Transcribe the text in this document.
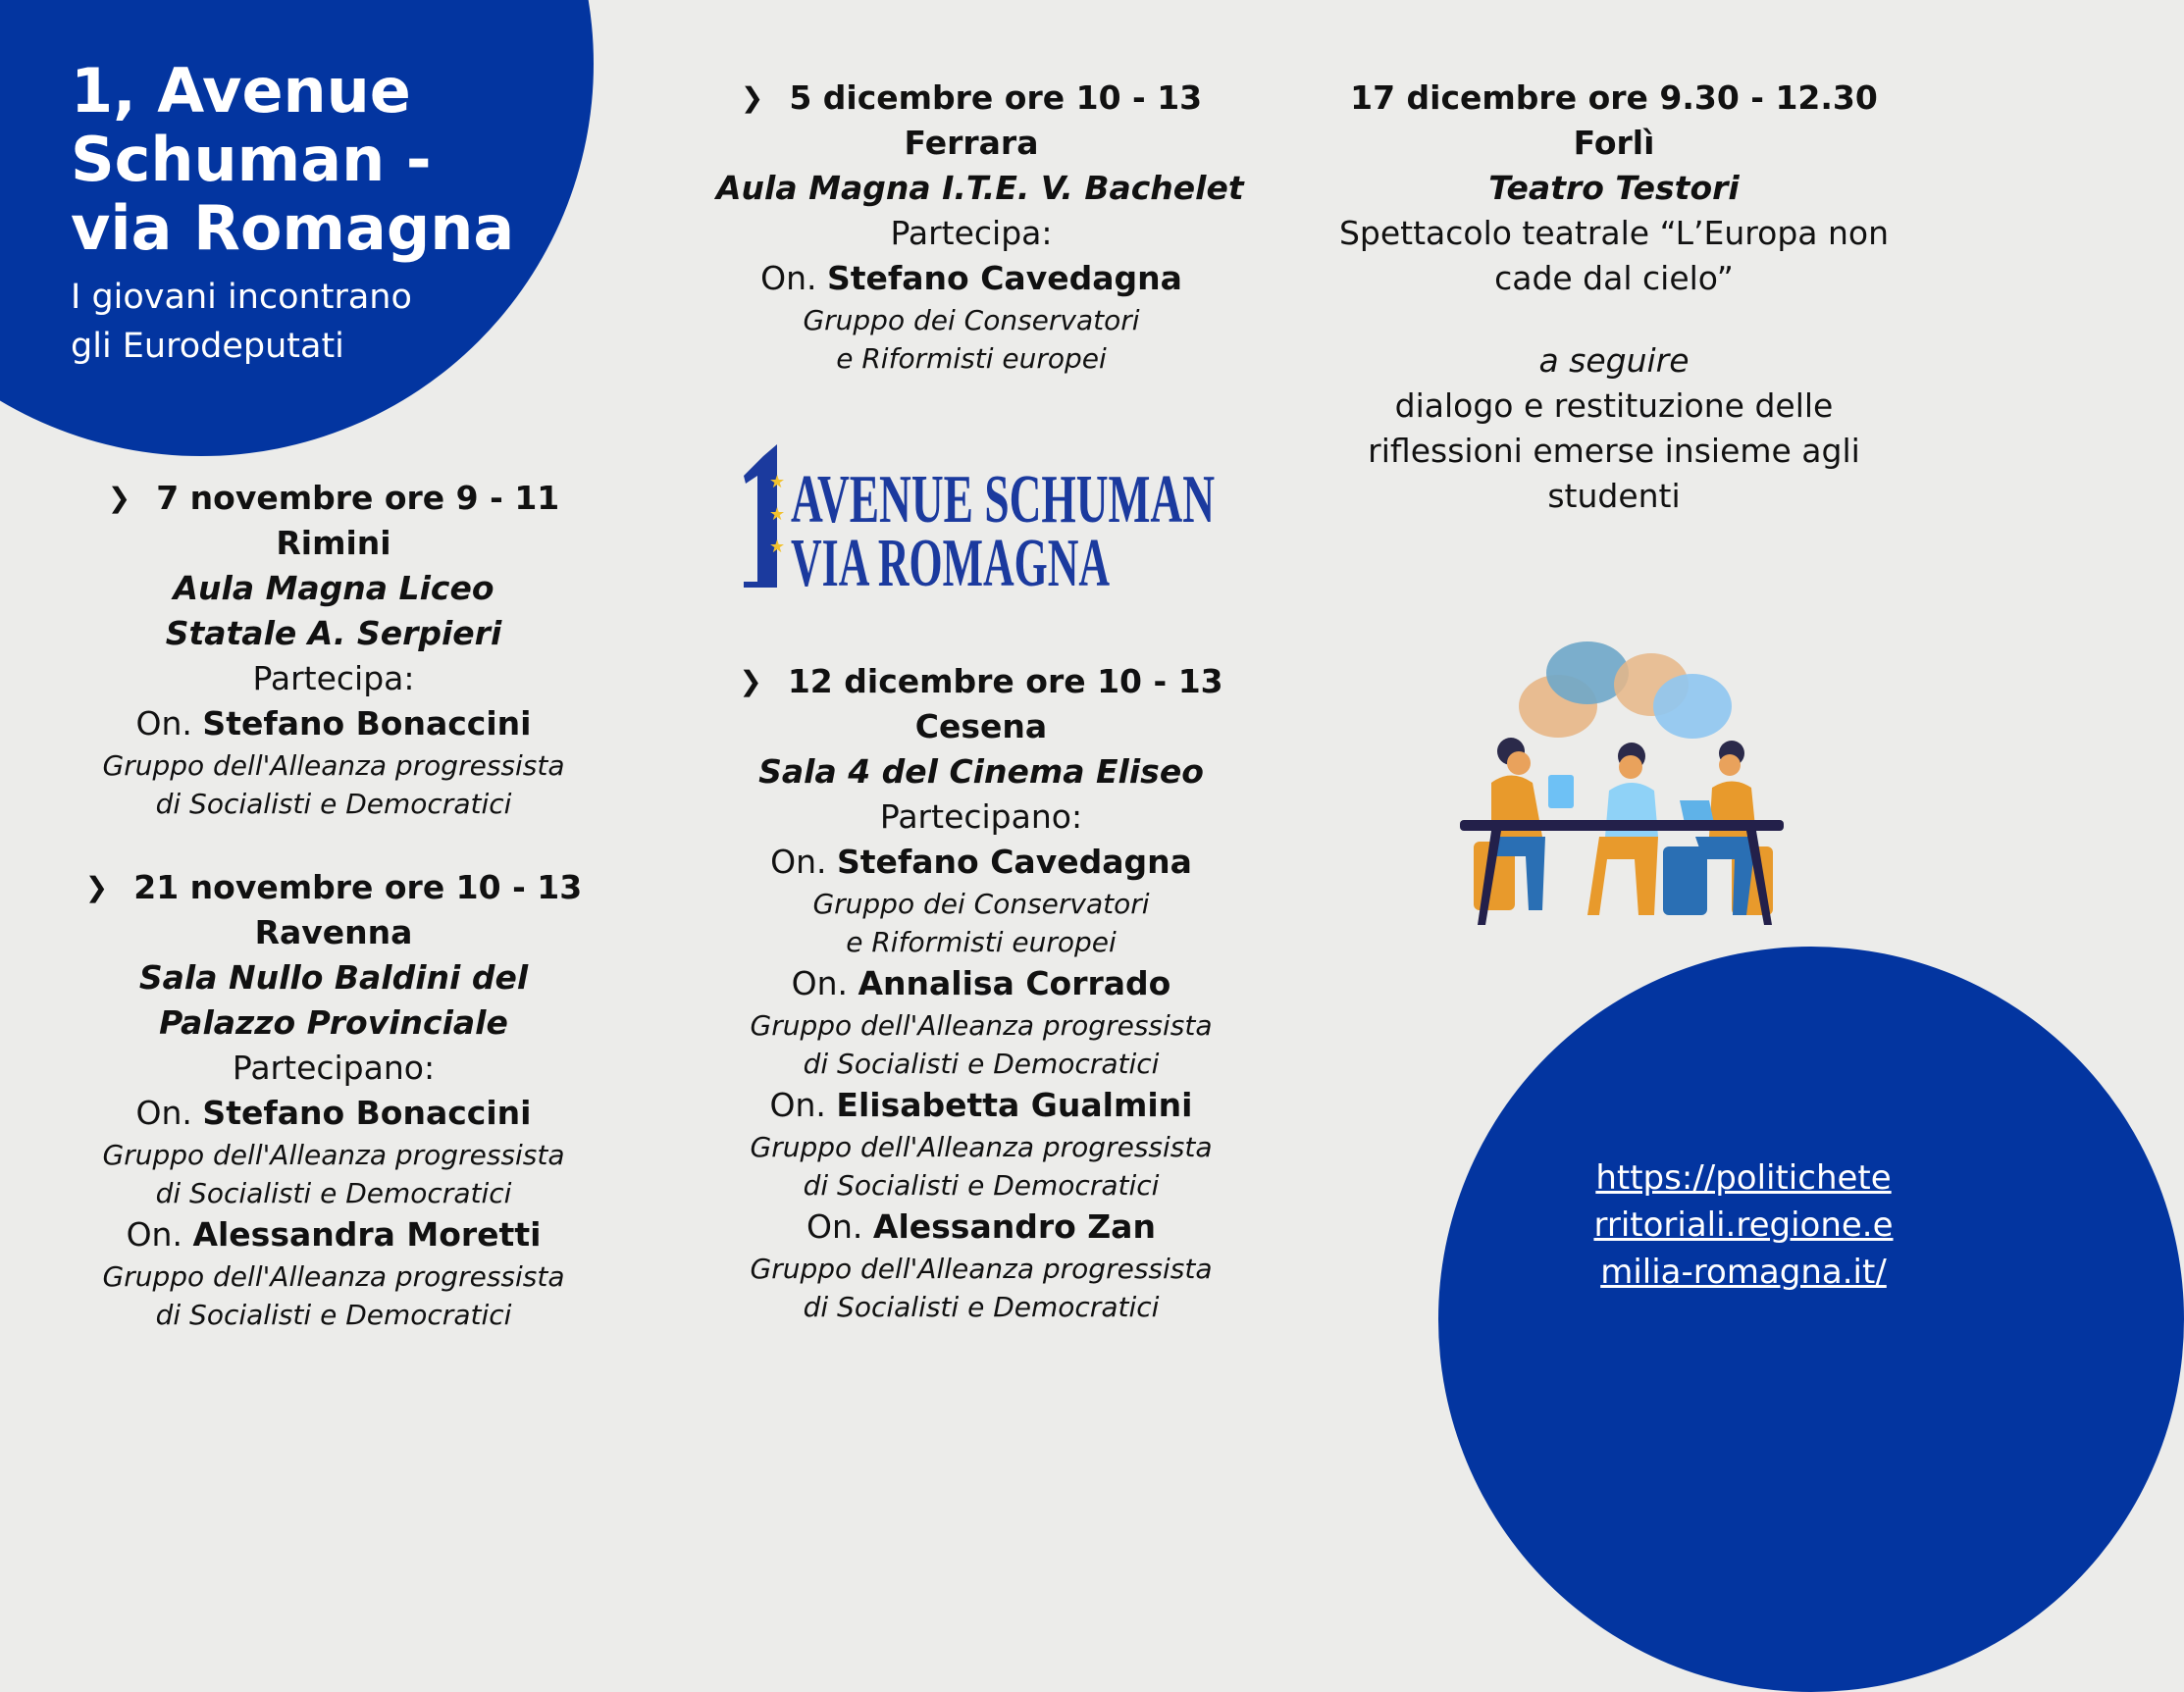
1, Avenue
Schuman -
via Romagna
I giovani incontrano
gli Eurodeputati
❯ 7 novembre ore 9 - 11
Rimini
Aula Magna Liceo
Statale A. Serpieri
Partecipa:
On. Stefano Bonaccini
Gruppo dell'Alleanza progressista
di Socialisti e Democratici
❯ 21 novembre ore 10 - 13
Ravenna
Sala Nullo Baldini del
Palazzo Provinciale
Partecipano:
On. Stefano Bonaccini
Gruppo dell'Alleanza progressista
di Socialisti e Democratici
On. Alessandra Moretti
Gruppo dell'Alleanza progressista
di Socialisti e Democratici
❯ 5 dicembre ore 10 - 13
Ferrara
Aula Magna I.T.E. V. Bachelet
Partecipa:
On. Stefano Cavedagna
Gruppo dei Conservatori
e Riformisti europei
★
★
★
AVENUE SCHUMAN
VIA ROMAGNA
❯ 12 dicembre ore 10 - 13
Cesena
Sala 4 del Cinema Eliseo
Partecipano:
On. Stefano Cavedagna
Gruppo dei Conservatori
e Riformisti europei
On. Annalisa Corrado
Gruppo dell'Alleanza progressista
di Socialisti e Democratici
On. Elisabetta Gualmini
Gruppo dell'Alleanza progressista
di Socialisti e Democratici
On. Alessandro Zan
Gruppo dell'Alleanza progressista
di Socialisti e Democratici
17 dicembre ore 9.30 - 12.30
Forlì
Teatro Testori
Spettacolo teatrale “L’Europa non
cade dal cielo”
a seguire
dialogo e restituzione delle
riflessioni emerse insieme agli
studenti
https://politichete
rritoriali.regione.e
milia-romagna.it/
